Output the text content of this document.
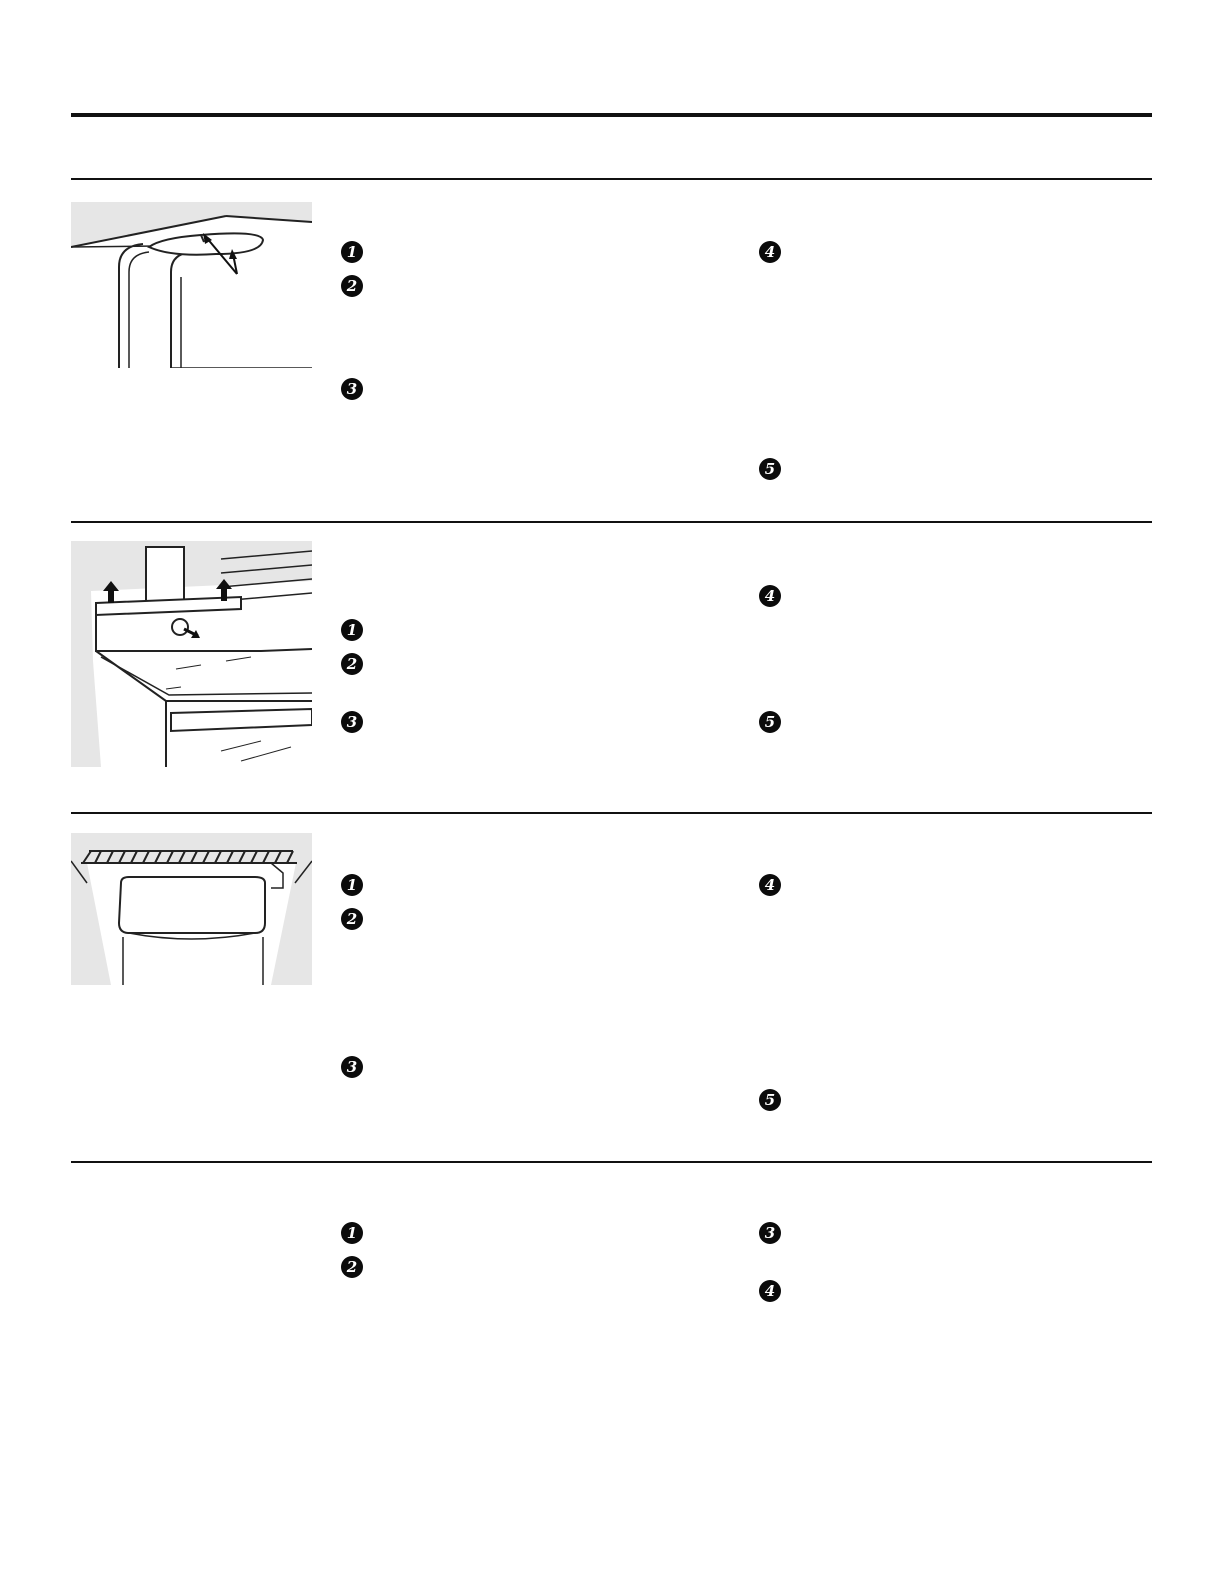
1
2
3
4
5
1
2
3
4
5
1
2
3
4
5
1
2
3
4
